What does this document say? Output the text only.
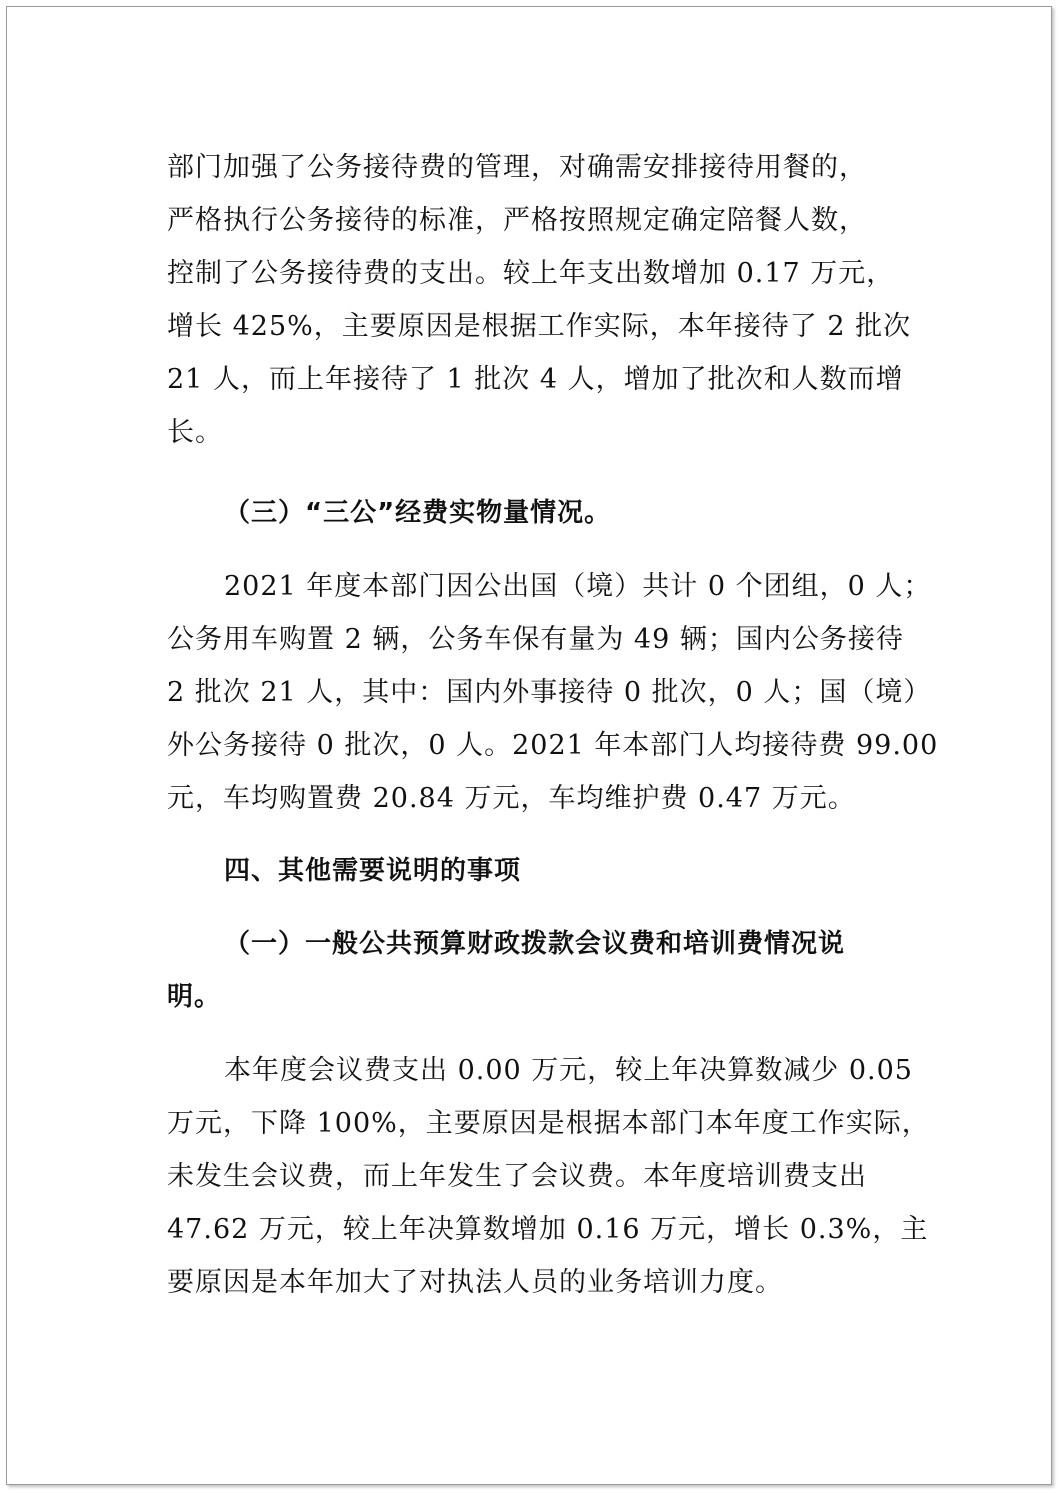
部门加强了公务接待费的管理，对确需安排接待用餐的，
严格执行公务接待的标准，严格按照规定确定陪餐人数，
控制了公务接待费的支出。较上年支出数增加 0.17 万元，
增长 425%，主要原因是根据工作实际，本年接待了 2 批次
21 人，而上年接待了 1 批次 4 人，增加了批次和人数而增
长。
（三）“三公”经费实物量情况。
2021 年度本部门因公出国（境）共计 0 个团组，0 人；
公务用车购置 2 辆，公务车保有量为 49 辆；国内公务接待
2 批次 21 人，其中：国内外事接待 0 批次，0 人；国（境）
外公务接待 0 批次，0 人。2021 年本部门人均接待费 99.00
元，车均购置费 20.84 万元，车均维护费 0.47 万元。
四、其他需要说明的事项
（一）一般公共预算财政拨款会议费和培训费情况说
明。
本年度会议费支出 0.00 万元，较上年决算数减少 0.05
万元，下降 100%，主要原因是根据本部门本年度工作实际，
未发生会议费，而上年发生了会议费。本年度培训费支出
47.62 万元，较上年决算数增加 0.16 万元，增长 0.3%，主
要原因是本年加大了对执法人员的业务培训力度。
